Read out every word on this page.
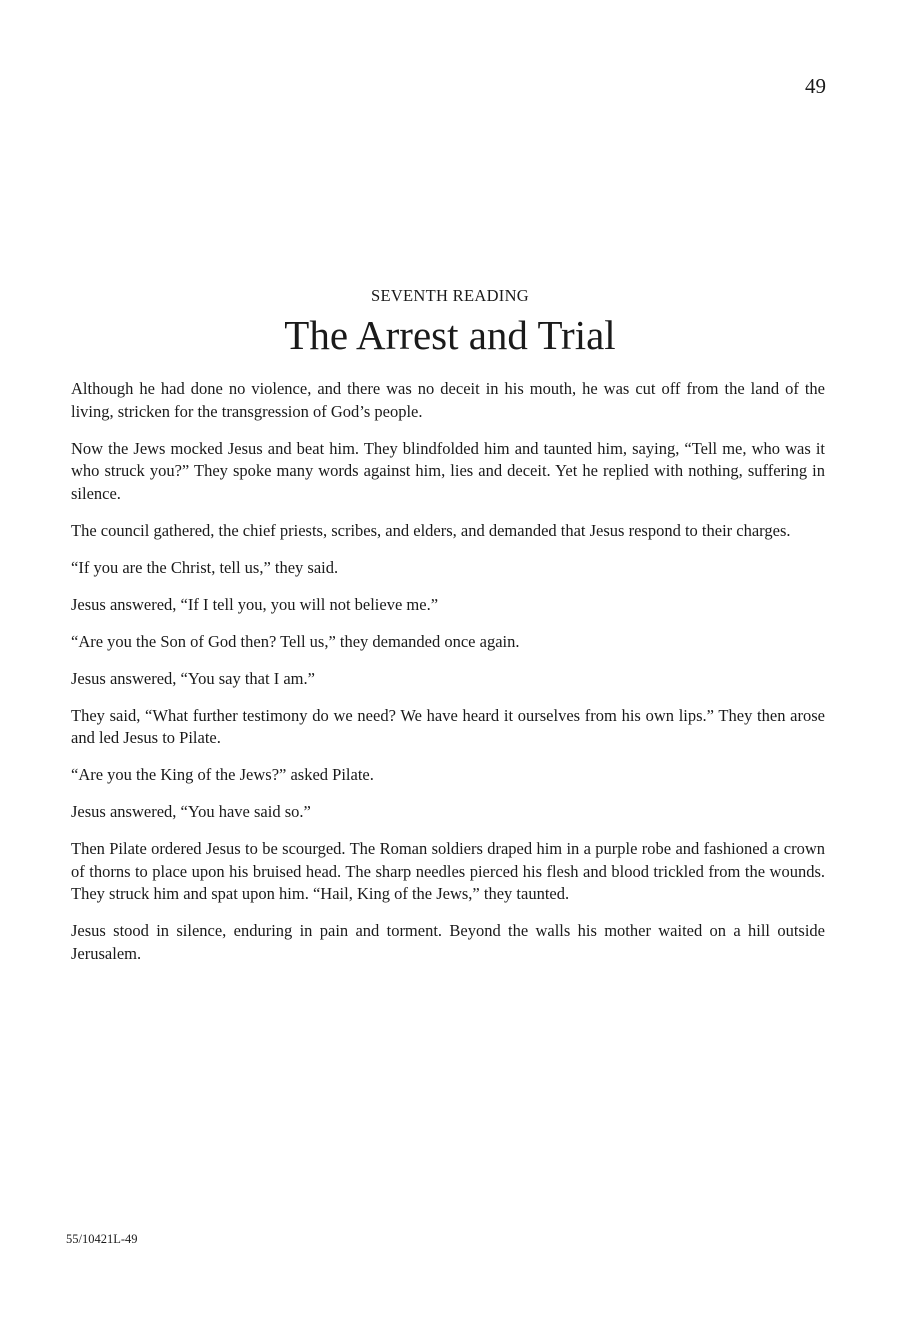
49
SEVENTH READING
The Arrest and Trial

Although he had done no violence, and there was no deceit in his mouth, he was cut off from the land of the living, stricken for the transgression of God’s people.

Now the Jews mocked Jesus and beat him. They blindfolded him and taunted him, saying, “Tell me, who was it who struck you?” They spoke many words against him, lies and deceit. Yet he replied with nothing, suffering in silence.

The council gathered, the chief priests, scribes, and elders, and demanded that Jesus respond to their charges.

“If you are the Christ, tell us,” they said.

Jesus answered, “If I tell you, you will not believe me.”

“Are you the Son of God then? Tell us,” they demanded once again.

Jesus answered, “You say that I am.”

They said, “What further testimony do we need? We have heard it ourselves from his own lips.” They then arose and led Jesus to Pilate.

“Are you the King of the Jews?” asked Pilate.

Jesus answered, “You have said so.”

Then Pilate ordered Jesus to be scourged. The Roman soldiers draped him in a purple robe and fashioned a crown of thorns to place upon his bruised head. The sharp needles pierced his flesh and blood trickled from the wounds. They struck him and spat upon him. “Hail, King of the Jews,” they taunted.

Jesus stood in silence, enduring in pain and torment. Beyond the walls his mother waited on a hill outside Jerusalem.

55/10421L-49
